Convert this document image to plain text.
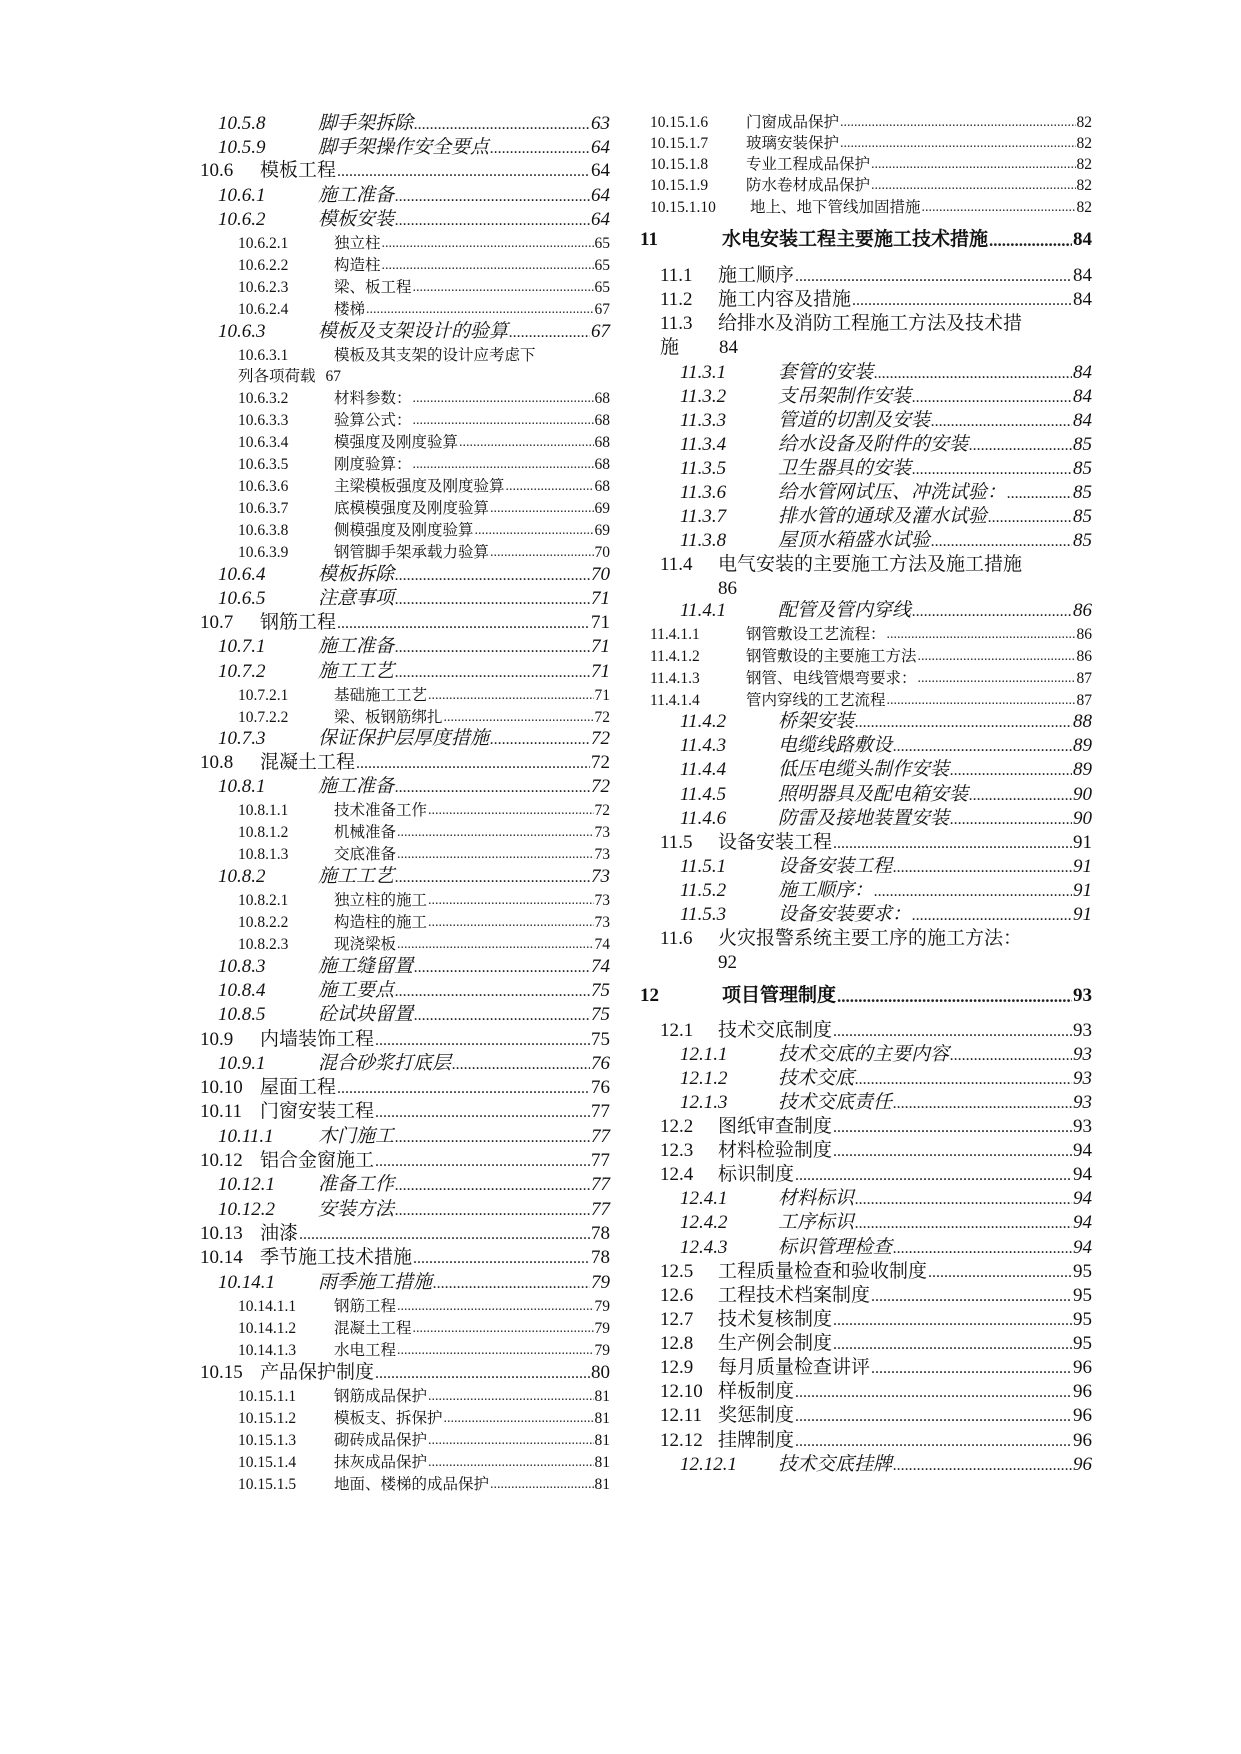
10.5.8	脚手架拆除 .....	63
10.5.9	脚手架操作安全要点 .....	64
10.6	模板工程 .....	64
10.6.1	施工准备 .....	64
10.6.2	模板安装 .....	64
10.6.2.1	独立柱 .....	65
10.6.2.2	构造柱 .....	65
10.6.2.3	梁、板工程 .....	65
10.6.2.4	楼梯 .....	67
10.6.3	模板及支架设计的验算 .....	67
10.6.3.1	模板及其支架的设计应考虑下
列各项荷载 67
10.6.3.2	材料参数： .....	68
10.6.3.3	验算公式： .....	68
10.6.3.4	模强度及刚度验算 .....	68
10.6.3.5	刚度验算： .....	68
10.6.3.6	主梁模板强度及刚度验算 .....	68
10.6.3.7	底模模强度及刚度验算 .....	69
10.6.3.8	侧模强度及刚度验算 .....	69
10.6.3.9	钢管脚手架承载力验算 .....	70
10.6.4	模板拆除 .....	70
10.6.5	注意事项 .....	71
10.7	钢筋工程 .....	71
10.7.1	施工准备 .....	71
10.7.2	施工工艺 .....	71
10.7.2.1	基础施工工艺 .....	71
10.7.2.2	梁、板钢筋绑扎 .....	72
10.7.3	保证保护层厚度措施 .....	72
10.8	混凝土工程 .....	72
10.8.1	施工准备 .....	72
10.8.1.1	技术准备工作 .....	72
10.8.1.2	机械准备 .....	73
10.8.1.3	交底准备 .....	73
10.8.2	施工工艺 .....	73
10.8.2.1	独立柱的施工 .....	73
10.8.2.2	构造柱的施工 .....	73
10.8.2.3	现浇梁板 .....	74
10.8.3	施工缝留置 .....	74
10.8.4	施工要点 .....	75
10.8.5	砼试块留置 .....	75
10.9	内墙装饰工程 .....	75
10.9.1	混合砂浆打底层 .....	76
10.10 屋面工程 .....	76
10.11 门窗安装工程 .....	77
10.11.1	木门施工 .....	77
10.12 铝合金窗施工 .....	77
10.12.1	准备工作 .....	77
10.12.2	安装方法 .....	77
10.13 油漆 .....	78
10.14 季节施工技术措施 .....	78
10.14.1	雨季施工措施 .....	79
10.14.1.1	钢筋工程 .....	79
10.14.1.2	混凝土工程 .....	79
10.14.1.3	水电工程 .....	79
10.15 产品保护制度 .....	80
10.15.1.1	钢筋成品保护 .....	81
10.15.1.2	模板支、拆保护 .....	81
10.15.1.3	砌砖成品保护 .....	81
10.15.1.4	抹灰成品保护 .....	81
10.15.1.5	地面、楼梯的成品保护 .....	81
10.15.1.6	门窗成品保护 .....	82
10.15.1.7	玻璃安装保护 .....	82
10.15.1.8	专业工程成品保护 .....	82
10.15.1.9	防水卷材成品保护 .....	82
10.15.1.10	地上、地下管线加固措施 .....	82
11	水电安装工程主要施工技术措施 .....	84
11.1	施工顺序 .....	84
11.2	施工内容及措施 .....	84
11.3	给排水及消防工程施工方法及技术措
施 84
11.3.1	套管的安装 .....	84
11.3.2	支吊架制作安装 .....	84
11.3.3	管道的切割及安装 .....	84
11.3.4	给水设备及附件的安装 .....	85
11.3.5	卫生器具的安装 .....	85
11.3.6	给水管网试压、冲洗试验： .....	85
11.3.7	排水管的通球及灌水试验 .....	85
11.3.8	屋顶水箱盛水试验 .....	85
11.4	电气安装的主要施工方法及施工措施
86
11.4.1	配管及管内穿线 .....	86
11.4.1.1	钢管敷设工艺流程： .....	86
11.4.1.2	钢管敷设的主要施工方法 .....	86
11.4.1.3	钢管、电线管煨弯要求： .....	87
11.4.1.4	管内穿线的工艺流程 .....	87
11.4.2	桥架安装 .....	88
11.4.3	电缆线路敷设 .....	89
11.4.4	低压电缆头制作安装 .....	89
11.4.5	照明器具及配电箱安装 .....	90
11.4.6	防雷及接地装置安装 .....	90
11.5	设备安装工程 .....	91
11.5.1	设备安装工程 .....	91
11.5.2	施工顺序： .....	91
11.5.3	设备安装要求： .....	91
11.6	火灾报警系统主要工序的施工方法：
92
12	项目管理制度 .....	93
12.1	技术交底制度 .....	93
12.1.1	技术交底的主要内容 .....	93
12.1.2	技术交底 .....	93
12.1.3	技术交底责任 .....	93
12.2	图纸审查制度 .....	93
12.3	材料检验制度 .....	94
12.4	标识制度 .....	94
12.4.1	材料标识 .....	94
12.4.2	工序标识 .....	94
12.4.3	标识管理检查 .....	94
12.5	工程质量检查和验收制度 .....	95
12.6	工程技术档案制度 .....	95
12.7	技术复核制度 .....	95
12.8	生产例会制度 .....	95
12.9	每月质量检查讲评 .....	96
12.10 样板制度 .....	96
12.11 奖惩制度 .....	96
12.12 挂牌制度 .....	96
12.12.1	技术交底挂牌 .....	96
